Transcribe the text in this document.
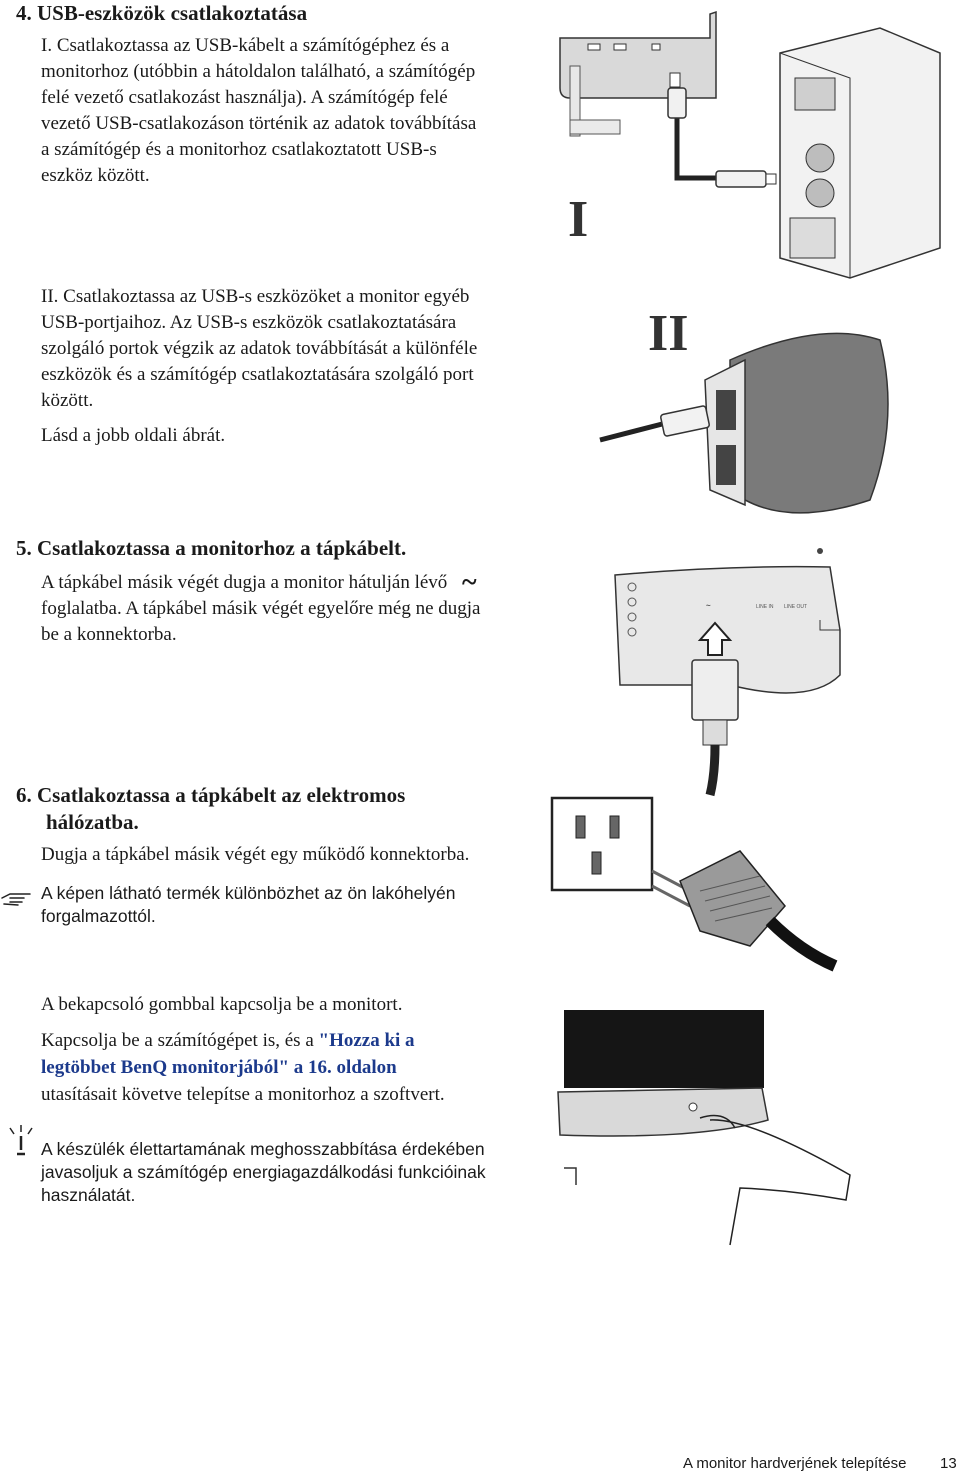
4. USB-eszközök csatlakoztatása
I. Csatlakoztassa az USB-kábelt a számítógéphez és a
monitorhoz (utóbbin a hátoldalon található, a számítógép
felé vezető csatlakozást használja). A számítógép felé
vezető USB-csatlakozáson történik az adatok továbbítása
a számítógép és a monitorhoz csatlakoztatott USB-s
eszköz között.
II. Csatlakoztassa az USB-s eszközöket a monitor egyéb
USB-portjaihoz. Az USB-s eszközök csatlakoztatására
szolgáló portok végzik az adatok továbbítását a különféle
eszközök és a számítógép csatlakoztatására szolgáló port
között.
Lásd a jobb oldali ábrát.
I
II
5. Csatlakoztassa a monitorhoz a tápkábelt.
A tápkábel másik végét dugja a monitor hátulján lévő ~
foglalatba. A tápkábel másik végét egyelőre még ne dugja
be a konnektorba.
~	LINE IN LINE OUT
6. Csatlakoztassa a tápkábelt az elektromos
hálózatba.
Dugja a tápkábel másik végét egy működő konnektorba.
A képen látható termék különbözhet az ön lakóhelyén
forgalmazottól.
A bekapcsoló gombbal kapcsolja be a monitort.
Kapcsolja be a számítógépet is, és a "Hozza ki a
legtöbbet BenQ monitorjából" a 16. oldalon
utasításait követve telepítse a monitorhoz a szoftvert.
A készülék élettartamának meghosszabbítása érdekében
javasoljuk a számítógép energiagazdálkodási funkcióinak
használatát.
A monitor hardverjének telepítése 13
